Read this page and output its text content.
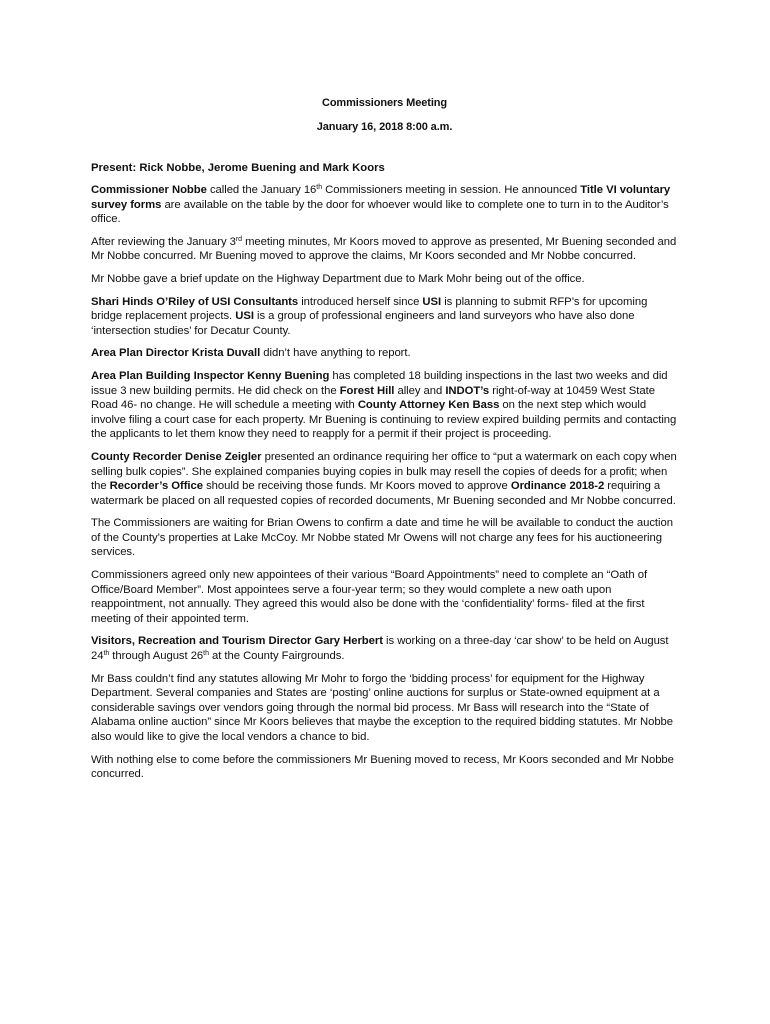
Commissioners Meeting
January 16, 2018 8:00 a.m.
Present: Rick Nobbe, Jerome Buening and Mark Koors

Commissioner Nobbe called the January 16th Commissioners meeting in session. He announced Title VI voluntary survey forms are available on the table by the door for whoever would like to complete one to turn in to the Auditor’s office.

After reviewing the January 3rd meeting minutes, Mr Koors moved to approve as presented, Mr Buening seconded and Mr Nobbe concurred. Mr Buening moved to approve the claims, Mr Koors seconded and Mr Nobbe concurred.

Mr Nobbe gave a brief update on the Highway Department due to Mark Mohr being out of the office.

Shari Hinds O’Riley of USI Consultants introduced herself since USI is planning to submit RFP’s for upcoming bridge replacement projects. USI is a group of professional engineers and land surveyors who have also done ‘intersection studies’ for Decatur County.

Area Plan Director Krista Duvall didn’t have anything to report.

Area Plan Building Inspector Kenny Buening has completed 18 building inspections in the last two weeks and did issue 3 new building permits. He did check on the Forest Hill alley and INDOT’s right-of-way at 10459 West State Road 46- no change. He will schedule a meeting with County Attorney Ken Bass on the next step which would involve filing a court case for each property. Mr Buening is continuing to review expired building permits and contacting the applicants to let them know they need to reapply for a permit if their project is proceeding.

County Recorder Denise Zeigler presented an ordinance requiring her office to “put a watermark on each copy when selling bulk copies”. She explained companies buying copies in bulk may resell the copies of deeds for a profit; when the Recorder’s Office should be receiving those funds. Mr Koors moved to approve Ordinance 2018-2 requiring a watermark be placed on all requested copies of recorded documents, Mr Buening seconded and Mr Nobbe concurred.

The Commissioners are waiting for Brian Owens to confirm a date and time he will be available to conduct the auction of the County’s properties at Lake McCoy. Mr Nobbe stated Mr Owens will not charge any fees for his auctioneering services.

Commissioners agreed only new appointees of their various “Board Appointments” need to complete an “Oath of Office/Board Member”. Most appointees serve a four-year term; so they would complete a new oath upon reappointment, not annually. They agreed this would also be done with the ‘confidentiality’ forms- filed at the first meeting of their appointed term.

Visitors, Recreation and Tourism Director Gary Herbert is working on a three-day ‘car show’ to be held on August 24th through August 26th at the County Fairgrounds.

Mr Bass couldn’t find any statutes allowing Mr Mohr to forgo the ‘bidding process’ for equipment for the Highway Department. Several companies and States are ‘posting’ online auctions for surplus or State-owned equipment at a considerable savings over vendors going through the normal bid process. Mr Bass will research into the “State of Alabama online auction” since Mr Koors believes that maybe the exception to the required bidding statutes. Mr Nobbe also would like to give the local vendors a chance to bid.

With nothing else to come before the commissioners Mr Buening moved to recess, Mr Koors seconded and Mr Nobbe concurred.
